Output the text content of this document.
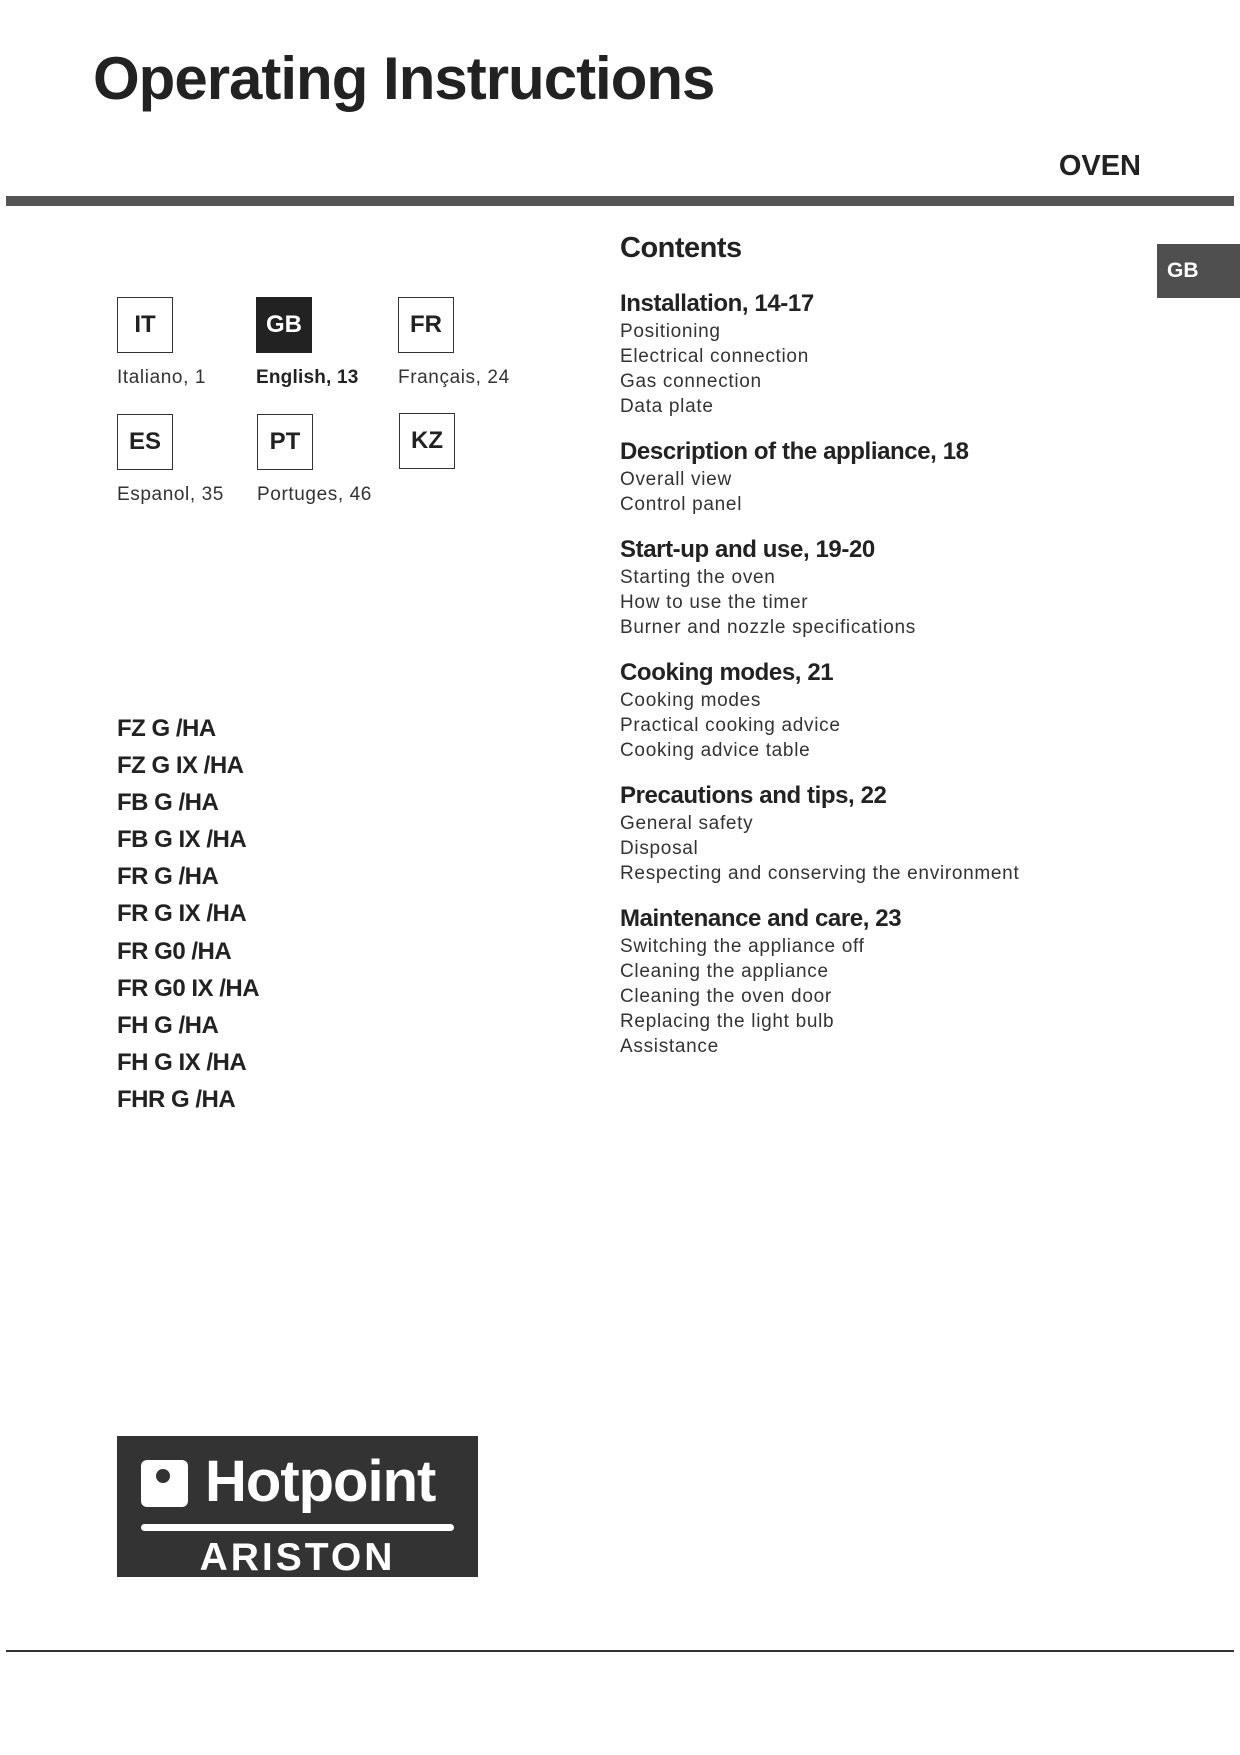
Operating Instructions
OVEN
GB
IT
Italiano, 1
GB
English, 13
FR
Français, 24
ES
Espanol, 35
PT
Portuges, 46
KZ
FZ G /HA
FZ G IX /HA
FB G /HA
FB G IX /HA
FR G /HA
FR G IX /HA
FR G0 /HA
FR G0 IX /HA
FH G /HA
FH G IX /HA
FHR G /HA
Contents
Installation, 14-17
Positioning
Electrical connection
Gas connection
Data plate
Description of the appliance, 18
Overall view
Control panel
Start-up and use, 19-20
Starting the oven
How to use the timer
Burner and nozzle specifications
Cooking modes, 21
Cooking modes
Practical cooking advice
Cooking advice table
Precautions and tips, 22
General safety
Disposal
Respecting and conserving the environment
Maintenance and care, 23
Switching the appliance off
Cleaning the appliance
Cleaning the oven door
Replacing the light bulb
Assistance
Hotpoint
ARISTON
